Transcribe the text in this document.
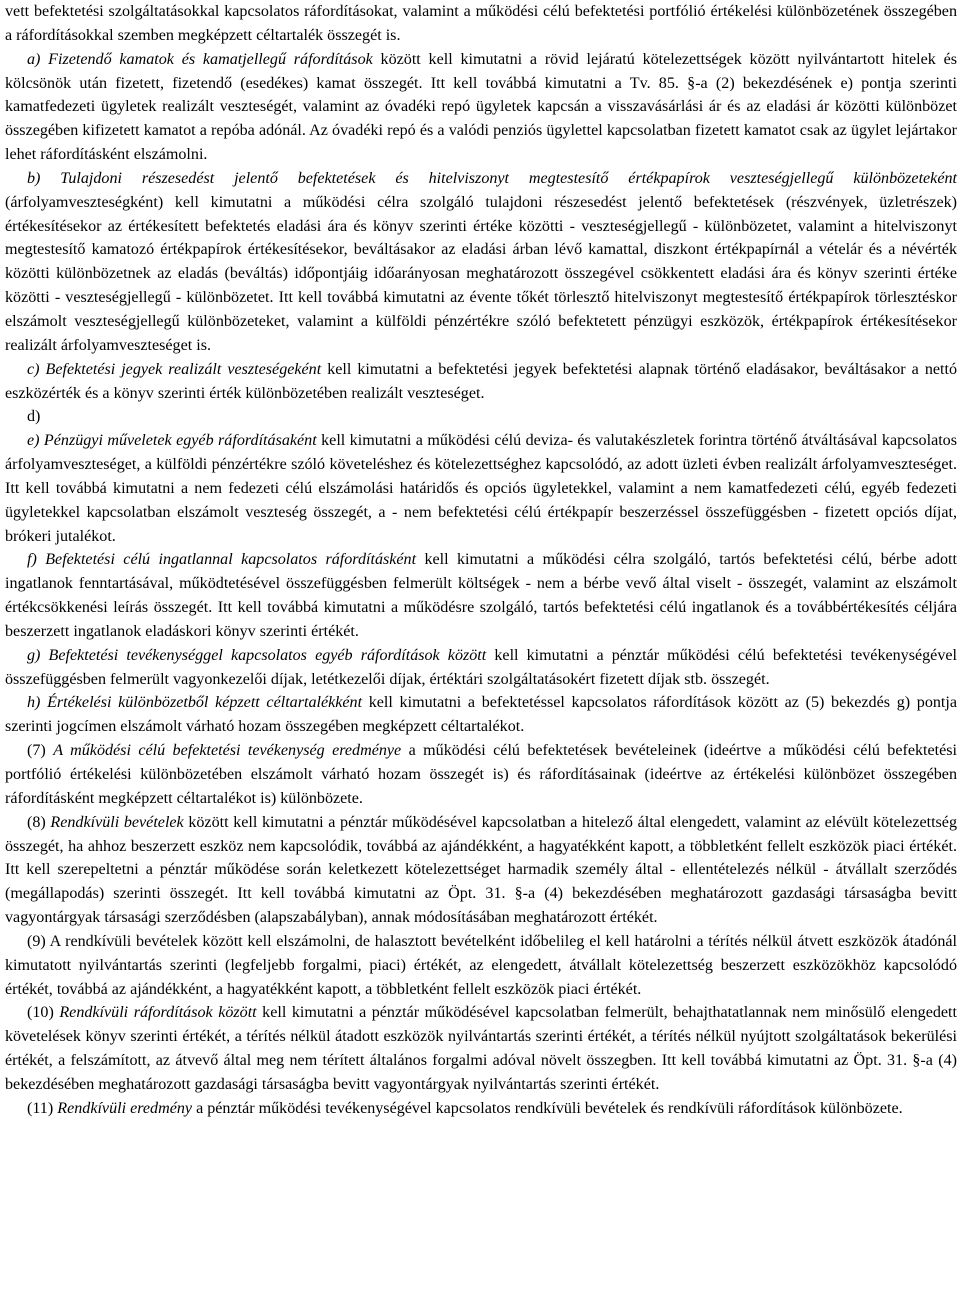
vett befektetési szolgáltatásokkal kapcsolatos ráfordításokat, valamint a működési célú befektetési portfólió értékelési különbözetének összegében a ráfordításokkal szemben megképzett céltartalék összegét is.

a) Fizetendő kamatok és kamatjellegű ráfordítások között kell kimutatni a rövid lejáratú kötelezettségek között nyilvántartott hitelek és kölcsönök után fizetett, fizetendő (esedékes) kamat összegét. Itt kell továbbá kimutatni a Tv. 85. §-a (2) bekezdésének e) pontja szerinti kamatfedezeti ügyletek realizált veszteségét, valamint az óvadéki repó ügyletek kapcsán a visszavásárlási ár és az eladási ár közötti különbözet összegében kifizetett kamatot a repóba adónál. Az óvadéki repó és a valódi penziós ügylettel kapcsolatban fizetett kamatot csak az ügylet lejártakor lehet ráfordításként elszámolni.

b) Tulajdoni részesedést jelentő befektetések és hitelviszonyt megtestesítő értékpapírok veszteségjellegű különbözeteként (árfolyamveszteségként) kell kimutatni a működési célra szolgáló tulajdoni részesedést jelentő befektetések (részvények, üzletrészek) értékesítésekor az értékesített befektetés eladási ára és könyv szerinti értéke közötti - veszteségjellegű - különbözetet, valamint a hitelviszonyt megtestesítő kamatozó értékpapírok értékesítésekor, beváltásakor az eladási árban lévő kamattal, diszkont értékpapírnál a vételár és a névérték közötti különbözetnek az eladás (beváltás) időpontjáig időarányosan meghatározott összegével csökkentett eladási ára és könyv szerinti értéke közötti - veszteségjellegű - különbözetet. Itt kell továbbá kimutatni az évente tőkét törlesztő hitelviszonyt megtestesítő értékpapírok törlesztéskor elszámolt veszteségjellegű különbözeteket, valamint a külföldi pénzértékre szóló befektetett pénzügyi eszközök, értékpapírok értékesítésekor realizált árfolyamveszteséget is.

c) Befektetési jegyek realizált veszteségeként kell kimutatni a befektetési jegyek befektetési alapnak történő eladásakor, beváltásakor a nettó eszközérték és a könyv szerinti érték különbözetében realizált veszteséget.

d)

e) Pénzügyi műveletek egyéb ráfordításaként kell kimutatni a működési célú deviza- és valutakészletek forintra történő átváltásával kapcsolatos árfolyamveszteséget, a külföldi pénzértékre szóló követeléshez és kötelezettséghez kapcsolódó, az adott üzleti évben realizált árfolyamveszteséget. Itt kell továbbá kimutatni a nem fedezeti célú elszámolási határidős és opciós ügyletekkel, valamint a nem kamatfedezeti célú, egyéb fedezeti ügyletekkel kapcsolatban elszámolt veszteség összegét, a - nem befektetési célú értékpapír beszerzéssel összefüggésben - fizetett opciós díjat, brókeri jutalékot.

f) Befektetési célú ingatlannal kapcsolatos ráfordításként kell kimutatni a működési célra szolgáló, tartós befektetési célú, bérbe adott ingatlanok fenntartásával, működtetésével összefüggésben felmerült költségek - nem a bérbe vevő által viselt - összegét, valamint az elszámolt értékcsökkenési leírás összegét. Itt kell továbbá kimutatni a működésre szolgáló, tartós befektetési célú ingatlanok és a továbbértékesítés céljára beszerzett ingatlanok eladáskori könyv szerinti értékét.

g) Befektetési tevékenységgel kapcsolatos egyéb ráfordítások között kell kimutatni a pénztár működési célú befektetési tevékenységével összefüggésben felmerült vagyonkezelői díjak, letétkezelői díjak, értéktári szolgáltatásokért fizetett díjak stb. összegét.

h) Értékelési különbözetből képzett céltartalékként kell kimutatni a befektetéssel kapcsolatos ráfordítások között az (5) bekezdés g) pontja szerinti jogcímen elszámolt várható hozam összegében megképzett céltartalékot.

(7) A működési célú befektetési tevékenység eredménye a működési célú befektetések bevételeinek (ideértve a működési célú befektetési portfólió értékelési különbözetében elszámolt várható hozam összegét is) és ráfordításainak (ideértve az értékelési különbözet összegében ráfordításként megképzett céltartalékot is) különbözete.

(8) Rendkívüli bevételek között kell kimutatni a pénztár működésével kapcsolatban a hitelező által elengedett, valamint az elévült kötelezettség összegét, ha ahhoz beszerzett eszköz nem kapcsolódik, továbbá az ajándékként, a hagyatékként kapott, a többletként fellelt eszközök piaci értékét. Itt kell szerepeltetni a pénztár működése során keletkezett kötelezettséget harmadik személy által - ellentételezés nélkül - átvállalt szerződés (megállapodás) szerinti összegét. Itt kell továbbá kimutatni az Öpt. 31. §-a (4) bekezdésében meghatározott gazdasági társaságba bevitt vagyontárgyak társasági szerződésben (alapszabályban), annak módosításában meghatározott értékét.

(9) A rendkívüli bevételek között kell elszámolni, de halasztott bevételként időbelileg el kell határolni a térítés nélkül átvett eszközök átadónál kimutatott nyilvántartás szerinti (legfeljebb forgalmi, piaci) értékét, az elengedett, átvállalt kötelezettség beszerzett eszközökhöz kapcsolódó értékét, továbbá az ajándékként, a hagyatékként kapott, a többletként fellelt eszközök piaci értékét.

(10) Rendkívüli ráfordítások között kell kimutatni a pénztár működésével kapcsolatban felmerült, behajthatatlannak nem minősülő elengedett követelések könyv szerinti értékét, a térítés nélkül átadott eszközök nyilvántartás szerinti értékét, a térítés nélkül nyújtott szolgáltatások bekerülési értékét, a felszámított, az átvevő által meg nem térített általános forgalmi adóval növelt összegben. Itt kell továbbá kimutatni az Öpt. 31. §-a (4) bekezdésében meghatározott gazdasági társaságba bevitt vagyontárgyak nyilvántartás szerinti értékét.

(11) Rendkívüli eredmény a pénztár működési tevékenységével kapcsolatos rendkívüli bevételek és rendkívüli ráfordítások különbözete.
